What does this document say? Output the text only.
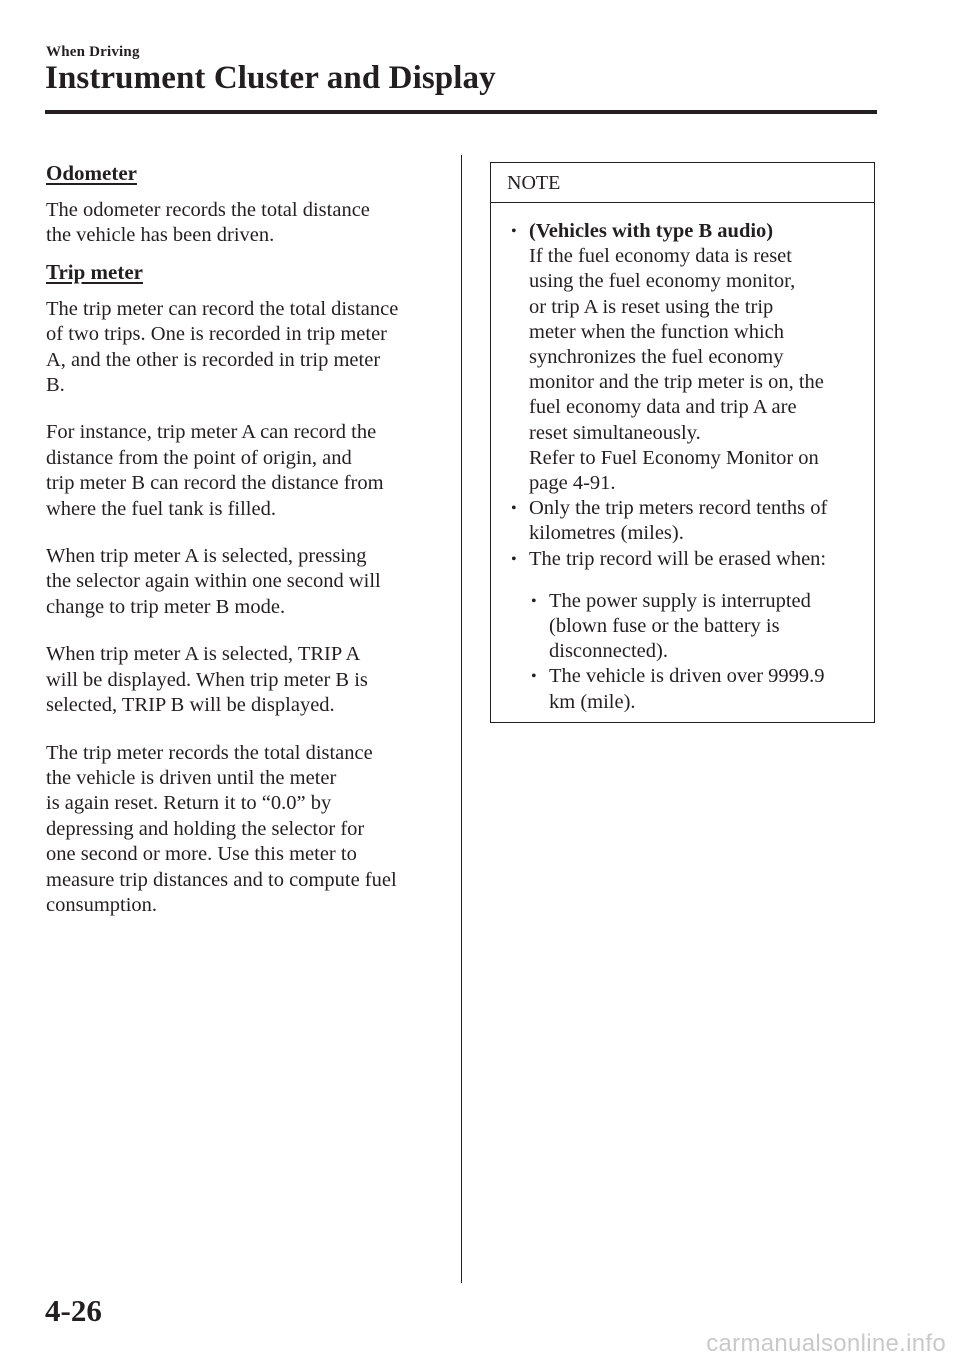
When Driving
Instrument Cluster and Display
Odometer

The odometer records the total distance
the vehicle has been driven.

Trip meter

The trip meter can record the total distance
of two trips. One is recorded in trip meter
A, and the other is recorded in trip meter
B.

For instance, trip meter A can record the
distance from the point of origin, and
trip meter B can record the distance from
where the fuel tank is filled.

When trip meter A is selected, pressing
the selector again within one second will
change to trip meter B mode.

When trip meter A is selected, TRIP A
will be displayed. When trip meter B is
selected, TRIP B will be displayed.

The trip meter records the total distance
the vehicle is driven until the meter
is again reset. Return it to “0.0” by
depressing and holding the selector for
one second or more. Use this meter to
measure trip distances and to compute fuel
consumption.

NOTE
• (Vehicles with type B audio)
If the fuel economy data is reset
using the fuel economy monitor,
or trip A is reset using the trip
meter when the function which
synchronizes the fuel economy
monitor and the trip meter is on, the
fuel economy data and trip A are
reset simultaneously.
Refer to Fuel Economy Monitor on
page 4-91.
• Only the trip meters record tenths of
kilometres (miles).
• The trip record will be erased when:
• The power supply is interrupted
(blown fuse or the battery is
disconnected).
• The vehicle is driven over 9999.9
km (mile).
4-26
carmanualsonline.info
